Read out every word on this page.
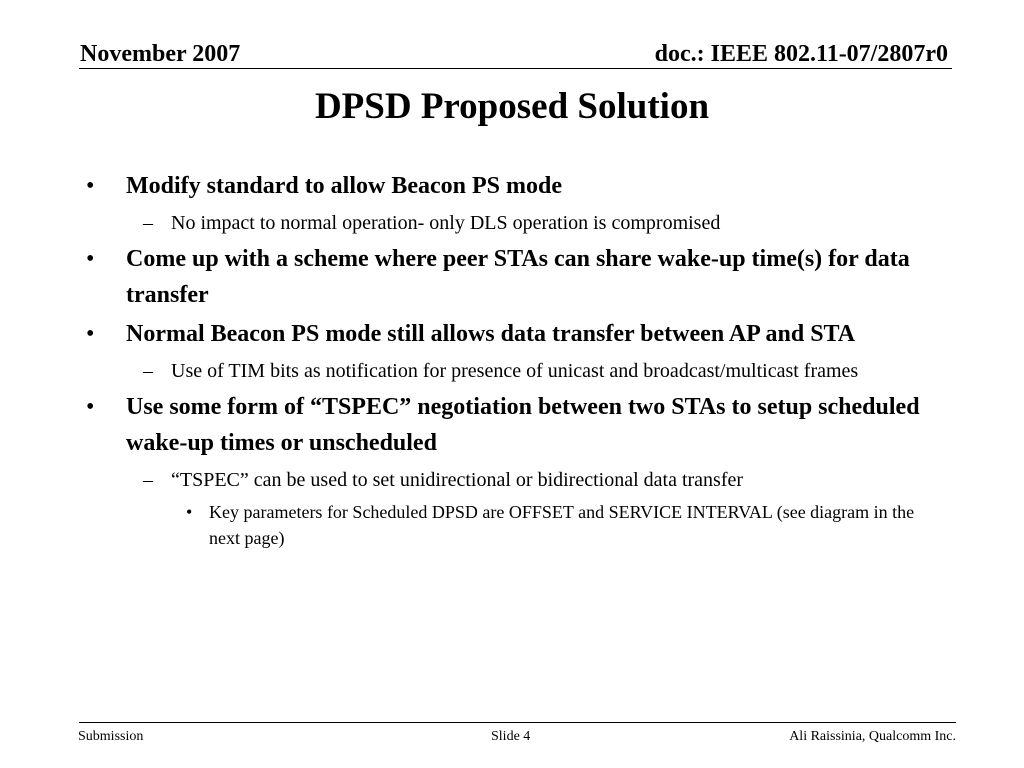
November 2007	doc.: IEEE 802.11-07/2807r0
DPSD Proposed Solution
• Modify standard to allow Beacon PS mode
– No impact to normal operation- only DLS operation is compromised
• Come up with a scheme where peer STAs can share wake-up time(s) for data transfer
• Normal Beacon PS mode still allows data transfer between AP and STA
– Use of TIM bits as notification for presence of unicast and broadcast/multicast frames
• Use some form of “TSPEC” negotiation between two STAs to setup scheduled wake-up times or unscheduled
– “TSPEC” can be used to set unidirectional or bidirectional data transfer
• Key parameters for Scheduled DPSD are OFFSET and SERVICE INTERVAL (see diagram in the next page)
Submission	Slide 4	Ali Raissinia, Qualcomm Inc.
